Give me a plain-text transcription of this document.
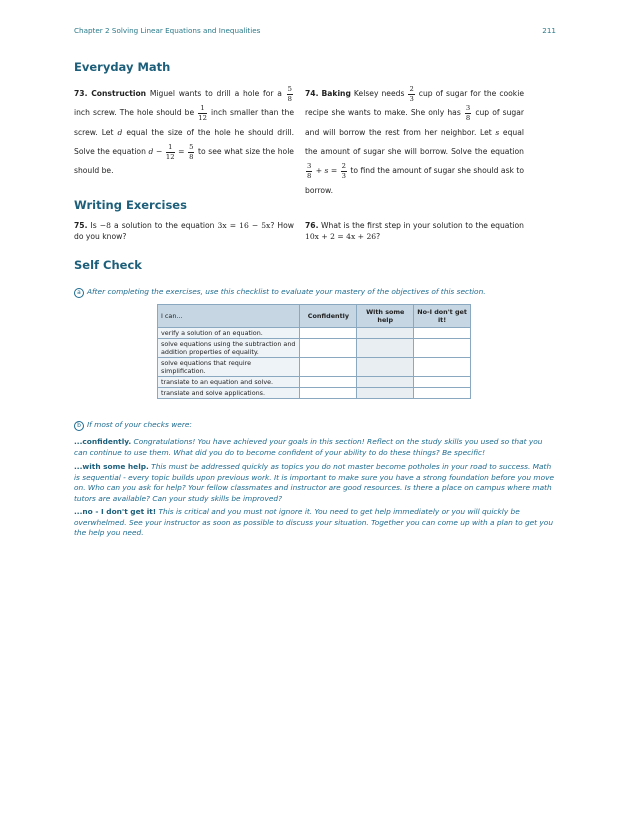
Chapter 2 Solving Linear Equations and Inequalities	211
Everyday Math
73. Construction Miguel wants to drill a hole for a $\frac{5}{8}$
inch screw. The hole should be $\frac{1}{12}$ inch smaller than the screw. Let d equal the size of the hole he should drill. Solve the equation $d - \frac{1}{12} = \frac{5}{8}$ to see what size the hole should be.
74. Baking Kelsey needs $\frac{2}{3}$ cup of sugar for the cookie recipe she wants to make. She only has $\frac{3}{8}$ cup of sugar and will borrow the rest from her neighbor. Let s equal the amount of sugar she will borrow. Solve the equation
$\frac{3}{8} + s = \frac{2}{3}$ to find the amount of sugar she should ask to borrow.
Writing Exercises
75. Is −8 a solution to the equation 3x = 16 − 5x? How do you know?
76. What is the first step in your solution to the equation 10x + 2 = 4x + 26?
Self Check
a After completing the exercises, use this checklist to evaluate your mastery of the objectives of this section.
I can...	Confidently	With some help	No-I don't get it!
verify a solution of an equation.			
solve equations using the subtraction and addition properties of equality.			
solve equations that require simplification.			
translate to an equation and solve.			
translate and solve applications.			
b If most of your checks were:
...confidently. Congratulations! You have achieved your goals in this section! Reflect on the study skills you used so that you can continue to use them. What did you do to become confident of your ability to do these things? Be specific!
...with some help. This must be addressed quickly as topics you do not master become potholes in your road to success. Math is sequential - every topic builds upon previous work. It is important to make sure you have a strong foundation before you move on. Who can you ask for help? Your fellow classmates and instructor are good resources. Is there a place on campus where math tutors are available? Can your study skills be improved?
...no - I don't get it! This is critical and you must not ignore it. You need to get help immediately or you will quickly be overwhelmed. See your instructor as soon as possible to discuss your situation. Together you can come up with a plan to get you the help you need.
